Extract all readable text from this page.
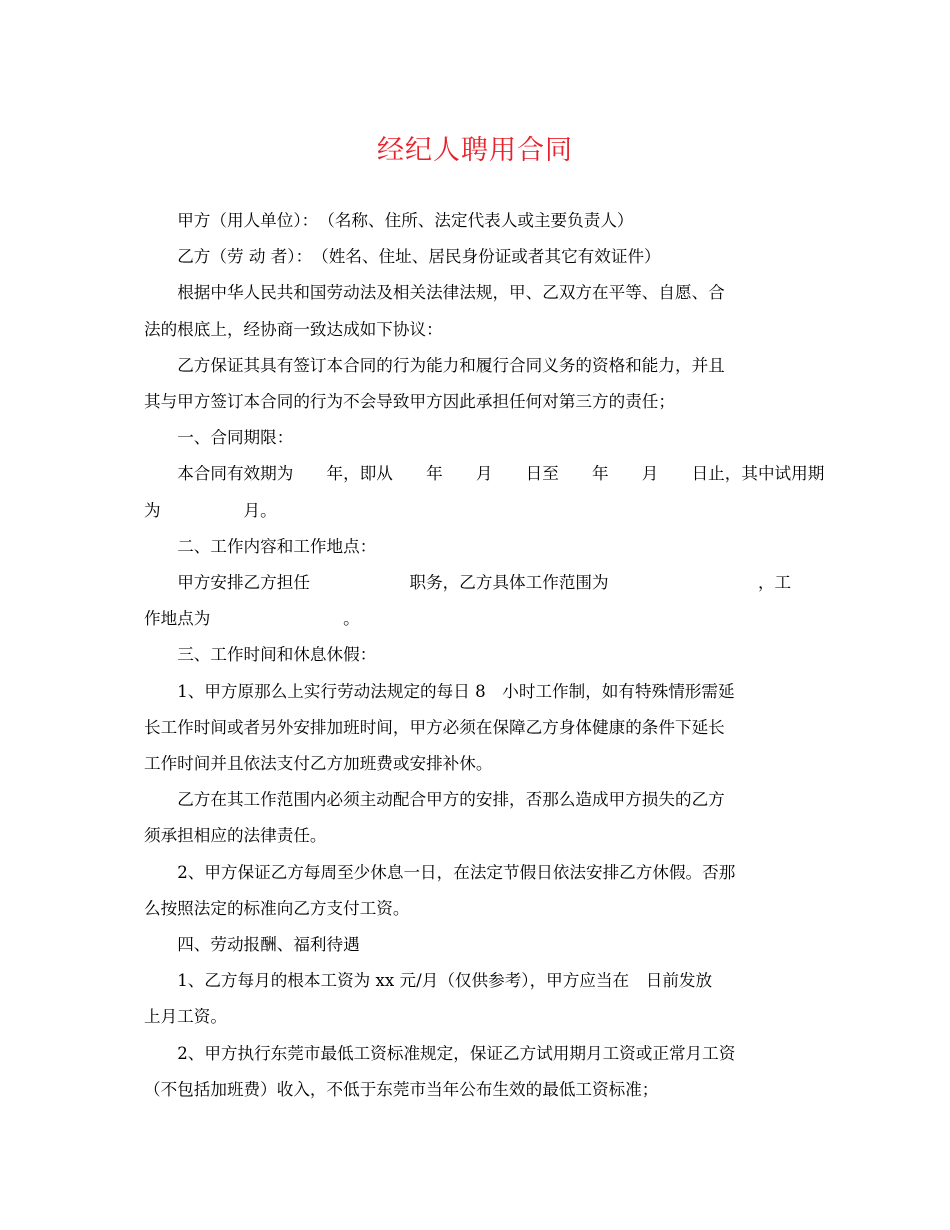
经纪人聘用合同
甲方（用人单位）：　（名称、住所、法定代表人或主要负责人）
乙方（劳 动 者）：　（姓名、住址、居民身份证或者其它有效证件）
根据中华人民共和国劳动法及相关法律法规，甲、乙双方在平等、自愿、合
法的根底上，经协商一致达成如下协议：
乙方保证其具有签订本合同的行为能力和履行合同义务的资格和能力，并且
其与甲方签订本合同的行为不会导致甲方因此承担任何对第三方的责任；
一、合同期限：
本合同有效期为　　年，即从　　年　　月　　日至　　年　　月　　日止，其中试用期
为　　　　　月。
二、工作内容和工作地点：
甲方安排乙方担任　　　　　　职务，乙方具体工作范围为　　　　　　　　　，工
作地点为　　　　　　　　。
三、工作时间和休息休假：
1、甲方原那么上实行劳动法规定的每日 8　小时工作制，如有特殊情形需延
长工作时间或者另外安排加班时间，甲方必须在保障乙方身体健康的条件下延长
工作时间并且依法支付乙方加班费或安排补休。
乙方在其工作范围内必须主动配合甲方的安排，否那么造成甲方损失的乙方
须承担相应的法律责任。
2、甲方保证乙方每周至少休息一日，在法定节假日依法安排乙方休假。否那
么按照法定的标准向乙方支付工资。
四、劳动报酬、福利待遇
1、乙方每月的根本工资为 xx 元/月（仅供参考），甲方应当在　日前发放
上月工资。
2、甲方执行东莞市最低工资标准规定，保证乙方试用期月工资或正常月工资
（不包括加班费）收入，不低于东莞市当年公布生效的最低工资标准；
